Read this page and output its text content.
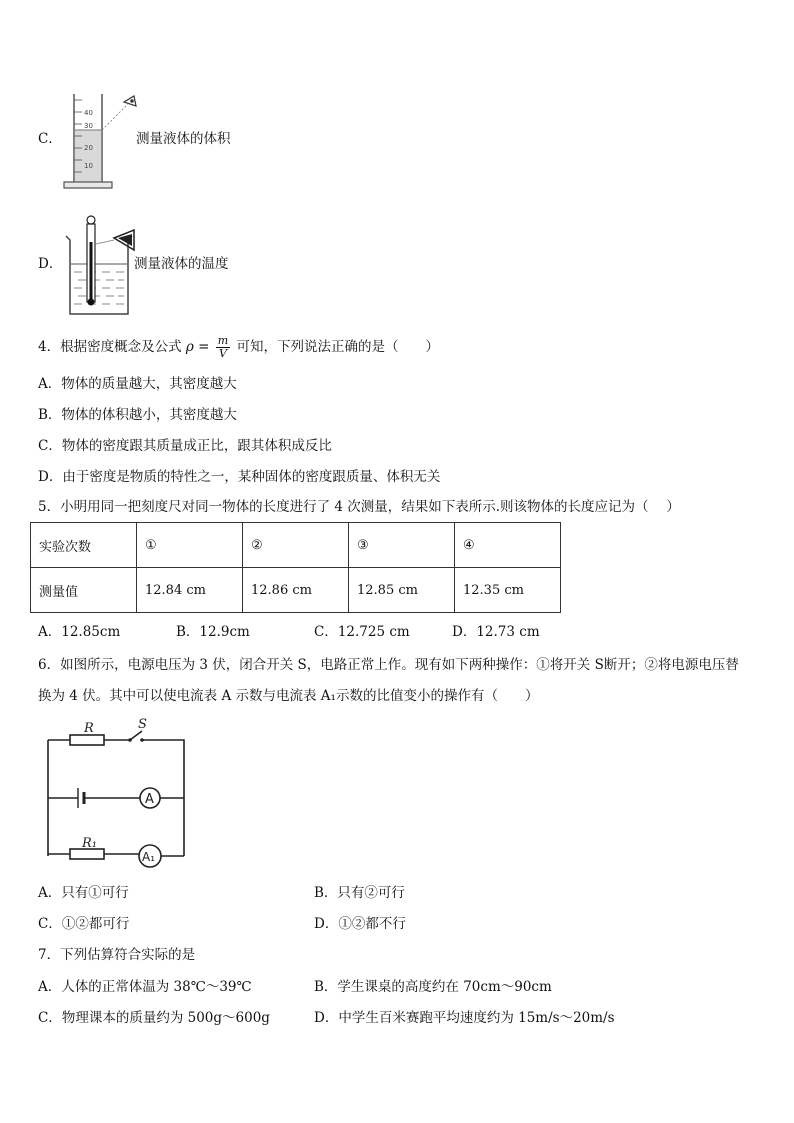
C．
40
30
20
10
测量液体的体积
D．	测量液体的温度
4．根据密度概念及公式 $\rho = \frac{m}{V}$ 可知，下列说法正确的是（　　）
A．物体的质量越大，其密度越大
B．物体的体积越小，其密度越大
C．物体的密度跟其质量成正比，跟其体积成反比
D．由于密度是物质的特性之一，某种固体的密度跟质量、体积无关
5．小明用同一把刻度尺对同一物体的长度进行了 4 次测量，结果如下表所示.则该物体的长度应记为（　 ）
实验次数	①	②	③	④
测量值	12.84 cm	12.86 cm	12.85 cm	12.35 cm
A．12.85cm	B．12.9cm	C．12.725 cm	D．12.73 cm
6．如图所示，电源电压为 3 伏，闭合开关 S，电路正常上作。现有如下两种操作：①将开关 S断开；②将电源电压替
换为 4 伏。其中可以使电流表 A 示数与电流表 A₁示数的比值变小的操作有（　　）
R	S
A
R₁
A₁
A．只有①可行	B．只有②可行
C．①②都可行	D．①②都不行
7．下列估算符合实际的是
A．人体的正常体温为 38℃～39℃	B．学生课桌的高度约在 70cm～90cm
C．物理课本的质量约为 500g～600g	D．中学生百米赛跑平均速度约为 15m/s～20m/s
